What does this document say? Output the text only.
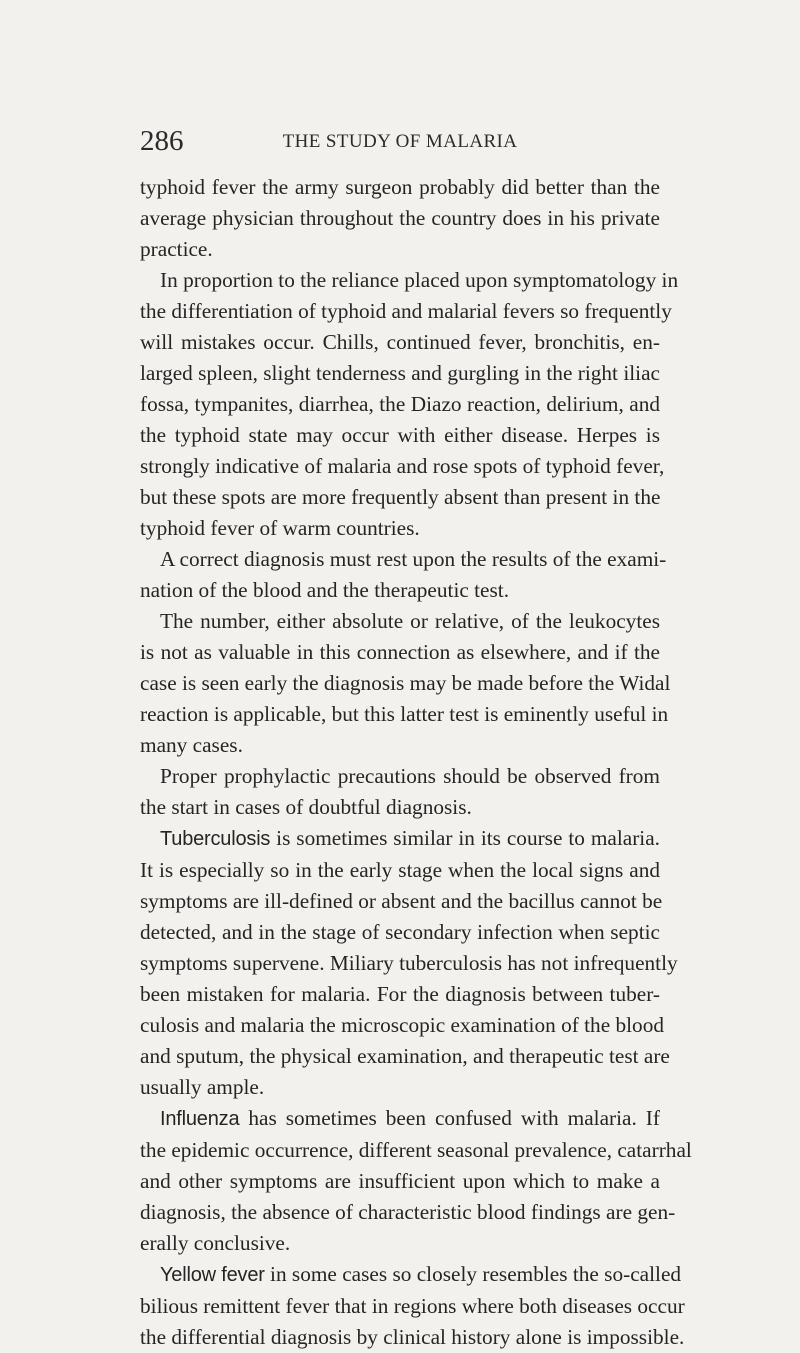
286	THE STUDY OF MALARIA
typhoid fever the army surgeon probably did better than the
average physician throughout the country does in his private
practice.
In proportion to the reliance placed upon symptomatology in
the differentiation of typhoid and malarial fevers so frequently
will mistakes occur. Chills, continued fever, bronchitis, en-
larged spleen, slight tenderness and gurgling in the right iliac
fossa, tympanites, diarrhea, the Diazo reaction, delirium, and
the typhoid state may occur with either disease. Herpes is
strongly indicative of malaria and rose spots of typhoid fever,
but these spots are more frequently absent than present in the
typhoid fever of warm countries.
A correct diagnosis must rest upon the results of the exami-
nation of the blood and the therapeutic test.
The number, either absolute or relative, of the leukocytes
is not as valuable in this connection as elsewhere, and if the
case is seen early the diagnosis may be made before the Widal
reaction is applicable, but this latter test is eminently useful in
many cases.
Proper prophylactic precautions should be observed from
the start in cases of doubtful diagnosis.
Tuberculosis is sometimes similar in its course to malaria.
It is especially so in the early stage when the local signs and
symptoms are ill-defined or absent and the bacillus cannot be
detected, and in the stage of secondary infection when septic
symptoms supervene. Miliary tuberculosis has not infrequently
been mistaken for malaria. For the diagnosis between tuber-
culosis and malaria the microscopic examination of the blood
and sputum, the physical examination, and therapeutic test are
usually ample.
Influenza has sometimes been confused with malaria. If
the epidemic occurrence, different seasonal prevalence, catarrhal
and other symptoms are insufficient upon which to make a
diagnosis, the absence of characteristic blood findings are gen-
erally conclusive.
Yellow fever in some cases so closely resembles the so-called
bilious remittent fever that in regions where both diseases occur
the differential diagnosis by clinical history alone is impossible.
